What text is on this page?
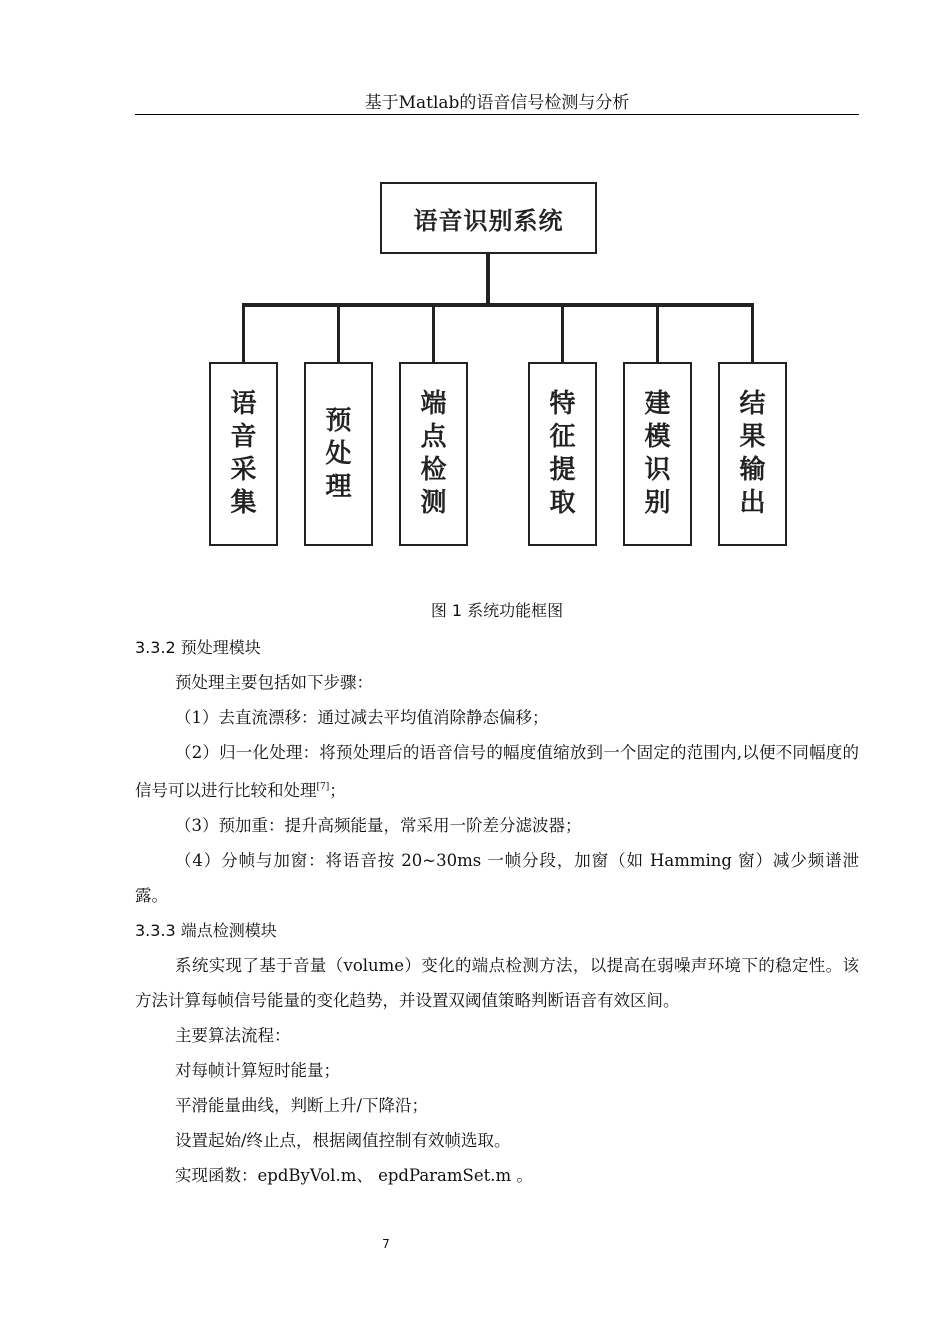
基于Matlab的语音信号检测与分析
语音识别系统
语音采集
预处理
端点检测
特征提取
建模识别
结果输出
图 1 系统功能框图

3.3.2 预处理模块

预处理主要包括如下步骤：

（1）去直流漂移：通过减去平均值消除静态偏移；

（2）归一化处理：将预处理后的语音信号的幅度值缩放到一个固定的范围内,以便不同幅度的信号可以进行比较和处理[7]；

（3）预加重：提升高频能量，常采用一阶差分滤波器；

（4）分帧与加窗：将语音按 20~30ms 一帧分段，加窗（如 Hamming 窗）减少频谱泄露。

3.3.3 端点检测模块

系统实现了基于音量（volume）变化的端点检测方法，以提高在弱噪声环境下的稳定性。该方法计算每帧信号能量的变化趋势，并设置双阈值策略判断语音有效区间。

主要算法流程：

对每帧计算短时能量；

平滑能量曲线，判断上升/下降沿；

设置起始/终止点，根据阈值控制有效帧选取。

实现函数：epdByVol.m、 epdParamSet.m 。

7
